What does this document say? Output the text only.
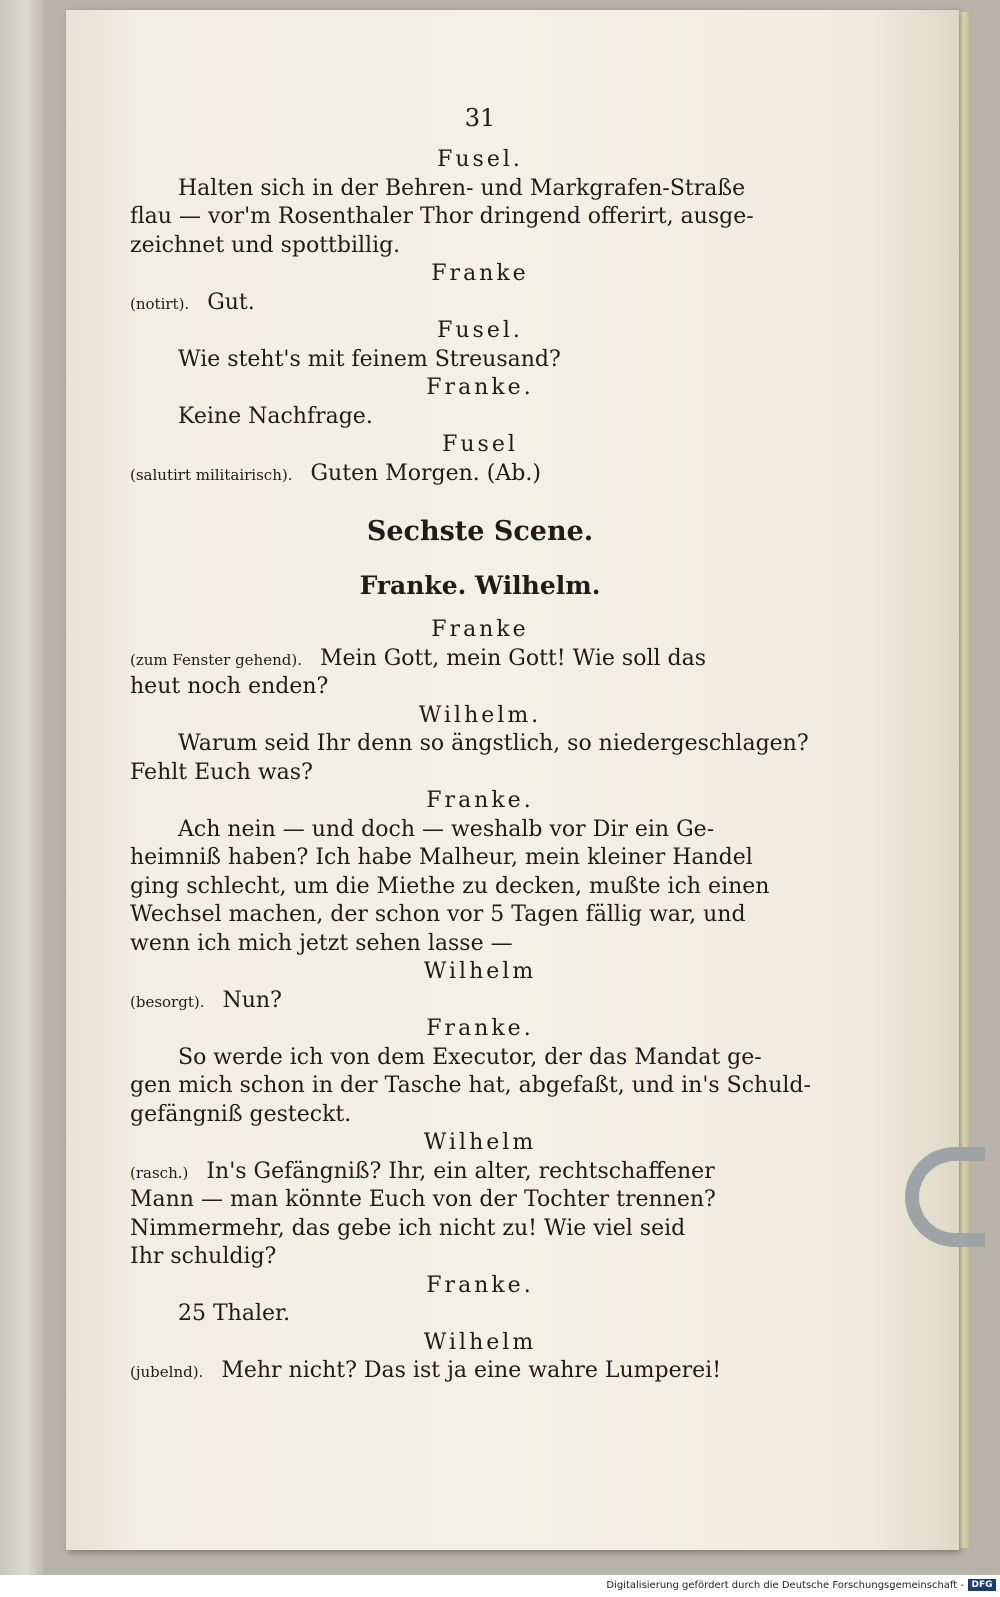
31
Fusel.
Halten sich in der Behren- und Markgrafen-Straße
flau — vor'm Rosenthaler Thor dringend offerirt, ausge-
zeichnet und spottbillig.
Franke
(notirt). Gut.
Fusel.
Wie steht's mit feinem Streusand?
Franke.
Keine Nachfrage.
Fusel
(salutirt militairisch). Guten Morgen. (Ab.)
Sechste Scene.
Franke. Wilhelm.
Franke
(zum Fenster gehend). Mein Gott, mein Gott! Wie soll das
heut noch enden?
Wilhelm.
Warum seid Ihr denn so ängstlich, so niedergeschlagen?
Fehlt Euch was?
Franke.
Ach nein — und doch — weshalb vor Dir ein Ge-
heimniß haben? Ich habe Malheur, mein kleiner Handel
ging schlecht, um die Miethe zu decken, mußte ich einen
Wechsel machen, der schon vor 5 Tagen fällig war, und
wenn ich mich jetzt sehen lasse —
Wilhelm
(besorgt). Nun?
Franke.
So werde ich von dem Executor, der das Mandat ge-
gen mich schon in der Tasche hat, abgefaßt, und in's Schuld-
gefängniß gesteckt.
Wilhelm
(rasch.) In's Gefängniß? Ihr, ein alter, rechtschaffener
Mann — man könnte Euch von der Tochter trennen?
Nimmermehr, das gebe ich nicht zu! Wie viel seid
Ihr schuldig?
Franke.
25 Thaler.
Wilhelm
(jubelnd). Mehr nicht? Das ist ja eine wahre Lumperei!
Digitalisierung gefördert durch die Deutsche Forschungsgemeinschaft - DFG
